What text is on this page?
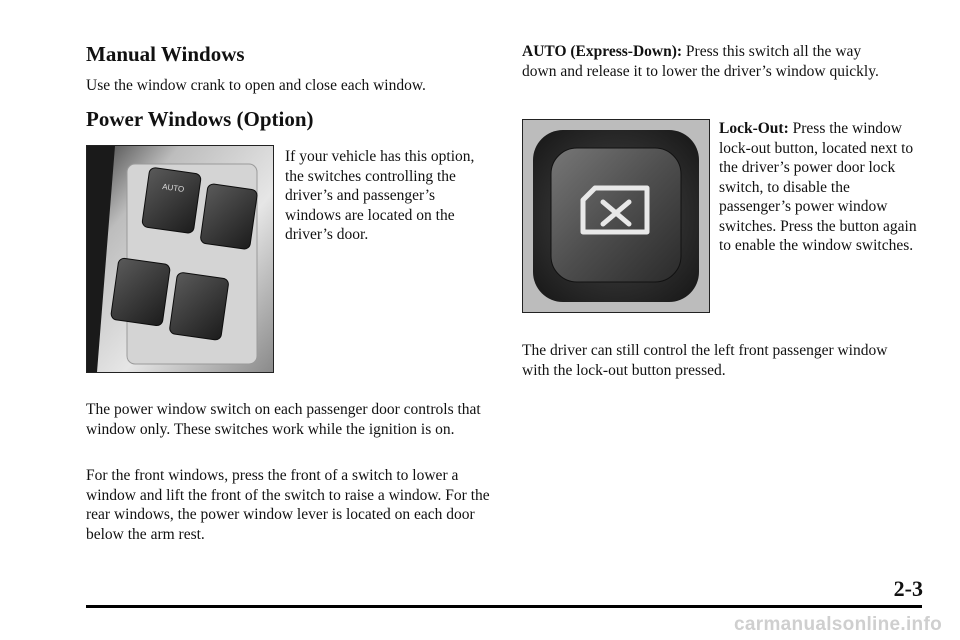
Manual Windows

Use the window crank to open and close each window.

Power Windows (Option)
AUTO

If your vehicle has this option, the switches controlling the driver’s and passenger’s windows are located on the driver’s door.

The power window switch on each passenger door controls that window only. These switches work while the ignition is on.

For the front windows, press the front of a switch to lower a window and lift the front of the switch to raise a window. For the rear windows, the power window lever is located on each door below the arm rest.

AUTO (Express-Down): Press this switch all the way down and release it to lower the driver’s window quickly.

Lock-Out: Press the window lock-out button, located next to the driver’s power door lock switch, to disable the passenger’s power window switches. Press the button again to enable the window switches.

The driver can still control the left front passenger window with the lock-out button pressed.

2-3
carmanualsonline.info
